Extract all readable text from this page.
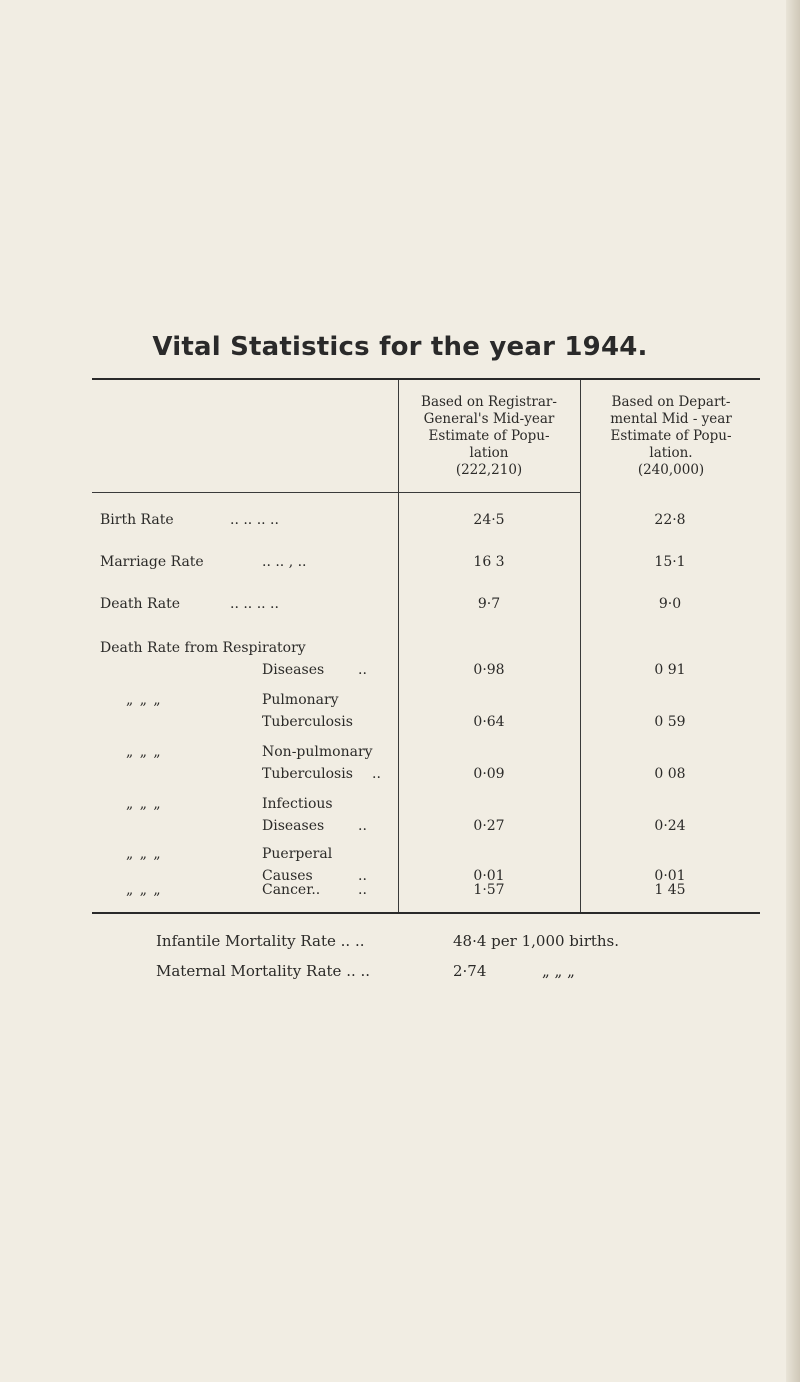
Vital Statistics for the year 1944.
Based on Registrar-
General's Mid-year
Estimate of Popu-
lation
(222,210)
Based on Depart-
mental Mid - year
Estimate of Popu-
lation.
(240,000)
Birth Rate	.. .. .. ..	24·5	22·8
Marriage Rate	.. .. , ..	16 3	15·1
Death Rate	.. .. .. ..	9·7	9·0
Death Rate from Respiratory
Diseases ..	0·98	0 91
„ „ „	Pulmonary
Tuberculosis	0·64	0 59
„ „ „	Non-pulmonary
Tuberculosis ..	0·09	0 08
„ „ „	Infectious
Diseases ..	0·27	0·24
„ „ „	Puerperal
Causes	..	0·01	0·01
„ „ „	Cancer..	..	1·57	1 45
Infantile Mortality Rate .. ..	48·4 per 1,000 births.
Maternal Mortality Rate .. ..	2·74	„ „ „
